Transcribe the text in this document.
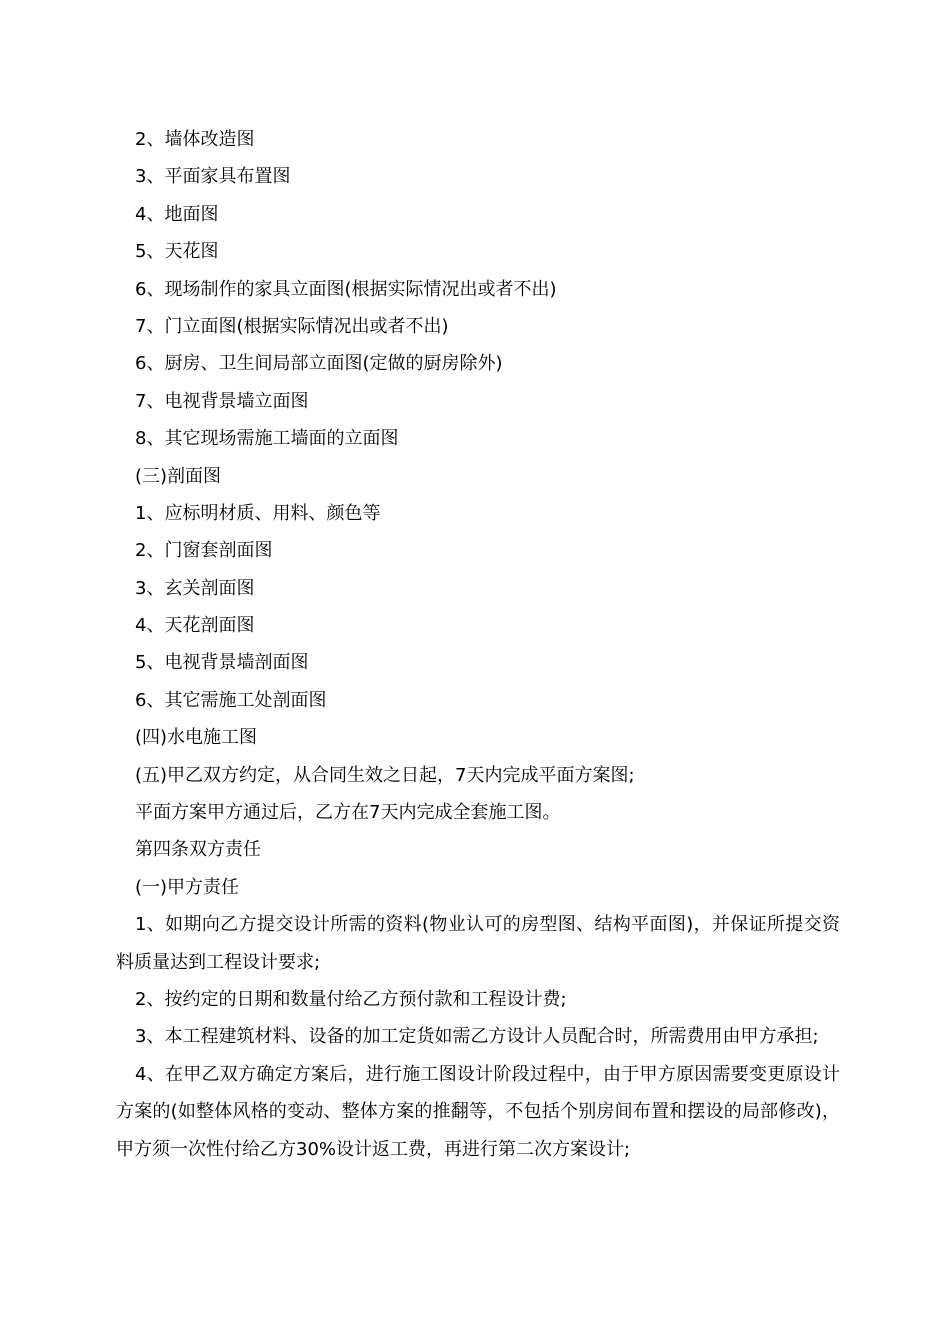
2、墙体改造图

3、平面家具布置图

4、地面图

5、天花图

6、现场制作的家具立面图(根据实际情况出或者不出)

7、门立面图(根据实际情况出或者不出)

6、厨房、卫生间局部立面图(定做的厨房除外)

7、电视背景墙立面图

8、其它现场需施工墙面的立面图

(三)剖面图

1、应标明材质、用料、颜色等

2、门窗套剖面图

3、玄关剖面图

4、天花剖面图

5、电视背景墙剖面图

6、其它需施工处剖面图

(四)水电施工图

(五)甲乙双方约定，从合同生效之日起，7天内完成平面方案图;

平面方案甲方通过后，乙方在7天内完成全套施工图。

第四条双方责任

(一)甲方责任

1、如期向乙方提交设计所需的资料(物业认可的房型图、结构平面图)，并保证所提交资料质量达到工程设计要求;

2、按约定的日期和数量付给乙方预付款和工程设计费;

3、本工程建筑材料、设备的加工定货如需乙方设计人员配合时，所需费用由甲方承担;

4、在甲乙双方确定方案后，进行施工图设计阶段过程中，由于甲方原因需要变更原设计方案的(如整体风格的变动、整体方案的推翻等，不包括个别房间布置和摆设的局部修改)，甲方须一次性付给乙方30%设计返工费，再进行第二次方案设计;
